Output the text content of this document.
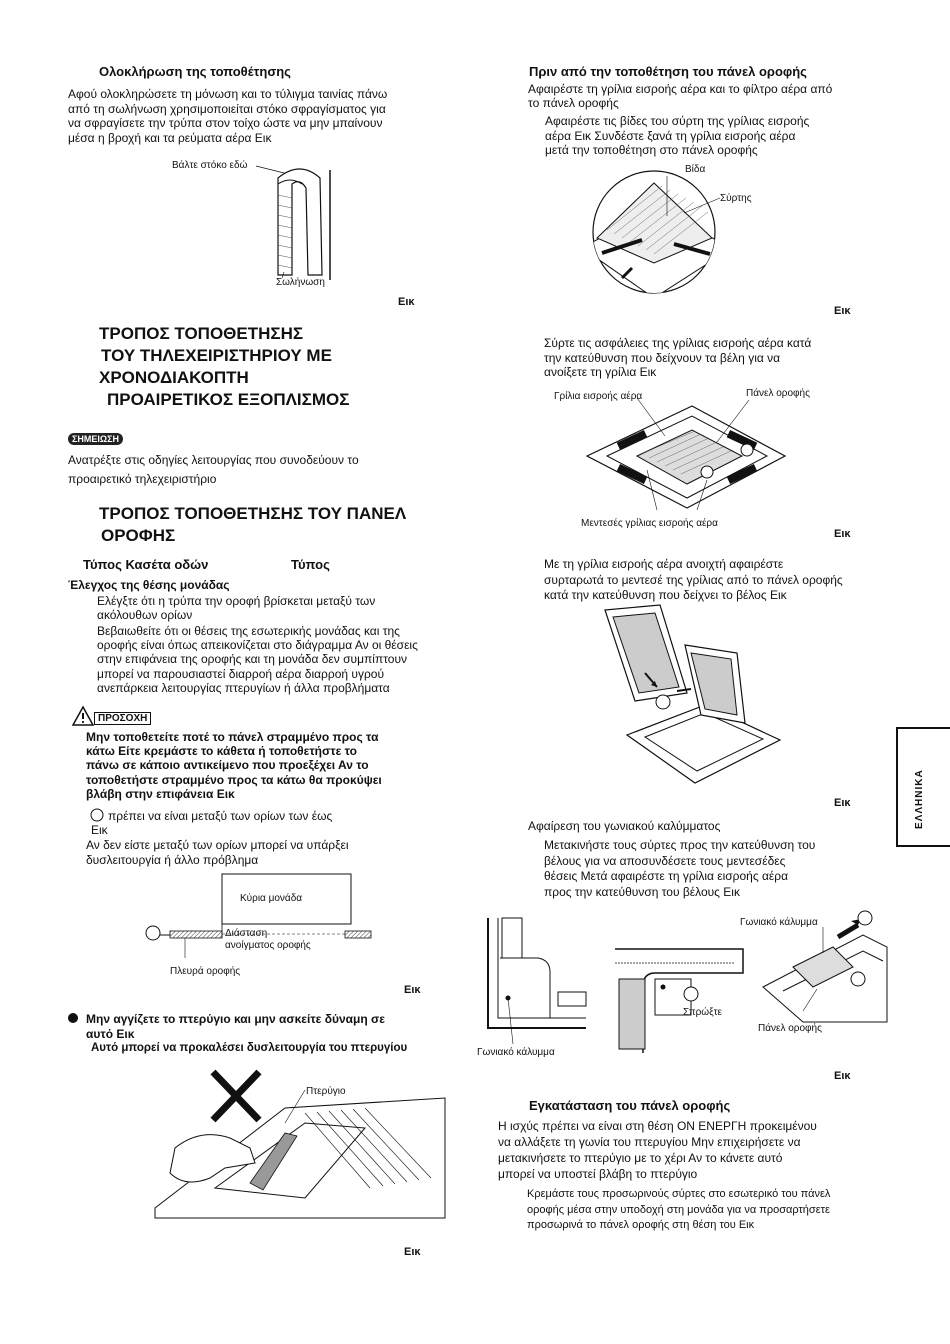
Ολοκλήρωση της τοποθέτησης
Αφού ολοκληρώσετε τη μόνωση και το τύλιγμα ταινίας πάνω
από τη σωλήνωση χρησιμοποιείται στόκο σφραγίσματος για
να σφραγίσετε την τρύπα στον τοίχο ώστε να μην μπαίνουν
μέσα η βροχή και τα ρεύματα αέρα Εικ
Βάλτε στόκο εδώ
Σωλήνωση
Εικ
ΤΡΟΠΟΣ ΤΟΠΟΘΕΤΗΣΗΣ
ΤΟΥ ΤΗΛΕΧΕΙΡΙΣΤΗΡΙΟΥ ΜΕ
ΧΡΟΝΟΔΙΑΚΟΠΤΗ
ΠΡΟΑΙΡΕΤΙΚΟΣ ΕΞΟΠΛΙΣΜΟΣ
ΣΗΜΕΙΩΣΗ
Ανατρέξτε στις οδηγίες λειτουργίας που συνοδεύουν το
προαιρετικό τηλεχειριστήριο
ΤΡΟΠΟΣ ΤΟΠΟΘΕΤΗΣΗΣ ΤΟΥ ΠΑΝΕΛ
ΟΡΟΦΗΣ
Τύπος Κασέτα οδών	Τύπος
Έλεγχος της θέσης μονάδας
Ελέγξτε ότι η τρύπα την οροφή βρίσκεται μεταξύ των
ακόλουθων ορίων
Βεβαιωθείτε ότι οι θέσεις της εσωτερικής μονάδας και της
οροφής είναι όπως απεικονίζεται στο διάγραμμα Αν οι θέσεις
στην επιφάνεια της οροφής και τη μονάδα δεν συμπίπτουν
μπορεί να παρουσιαστεί διαρροή αέρα διαρροή υγρού
ανεπάρκεια λειτουργίας πτερυγίων ή άλλα προβλήματα
ΠΡΟΣΟΧΗ
Μην τοποθετείτε ποτέ το πάνελ στραμμένο προς τα
κάτω Είτε κρεμάστε το κάθετα ή τοποθετήστε το
πάνω σε κάποιο αντικείμενο που προεξέχει Αν το
τοποθετήστε στραμμένο προς τα κάτω θα προκύψει
βλάβη στην επιφάνεια Εικ
πρέπει να είναι μεταξύ των ορίων των έως
Εικ
Αν δεν είστε μεταξύ των ορίων μπορεί να υπάρξει
δυσλειτουργία ή άλλο πρόβλημα
Κύρια μονάδα
Διάσταση
ανοίγματος οροφής
Πλευρά οροφής
Εικ
Μην αγγίζετε το πτερύγιο και μην ασκείτε δύναμη σε
αυτό Εικ
Αυτό μπορεί να προκαλέσει δυσλειτουργία του πτερυγίου
Πτερύγιο
Εικ
Πριν από την τοποθέτηση του πάνελ οροφής
Αφαιρέστε τη γρίλια εισροής αέρα και το φίλτρο αέρα από
το πάνελ οροφής
Αφαιρέστε τις βίδες του σύρτη της γρίλιας εισροής
αέρα Εικ Συνδέστε ξανά τη γρίλια εισροής αέρα
μετά την τοποθέτηση στο πάνελ οροφής
Βίδα
Σύρτης
Εικ
Σύρτε τις ασφάλειες της γρίλιας εισροής αέρα κατά
την κατεύθυνση που δείχνουν τα βέλη για να
ανοίξετε τη γρίλια Εικ
Γρίλια εισροής αέρα	Πάνελ οροφής
Μεντεσές γρίλιας εισροής αέρα
Εικ
Με τη γρίλια εισροής αέρα ανοιχτή αφαιρέστε
συρταρωτά το μεντεσέ της γρίλιας από το πάνελ οροφής
κατά την κατεύθυνση που δείχνει το βέλος Εικ
Εικ
Αφαίρεση του γωνιακού καλύμματος
Μετακινήστε τους σύρτες προς την κατεύθυνση του
βέλους για να αποσυνδέσετε τους μεντεσέδες
θέσεις Μετά αφαιρέστε τη γρίλια εισροής αέρα
προς την κατεύθυνση του βέλους Εικ
Σπρώξτε
Γωνιακό κάλυμμα
Πάνελ οροφής
Γωνιακό κάλυμμα
Εικ
Εγκατάσταση του πάνελ οροφής
Η ισχύς πρέπει να είναι στη θέση ON ΕΝΕΡΓΗ προκειμένου
να αλλάξετε τη γωνία του πτερυγίου Μην επιχειρήσετε να
μετακινήσετε το πτερύγιο με το χέρι Αν το κάνετε αυτό
μπορεί να υποστεί βλάβη το πτερύγιο
Κρεμάστε τους προσωρινούς σύρτες στο εσωτερικό του πάνελ
οροφής μέσα στην υποδοχή στη μονάδα για να προσαρτήσετε
προσωρινά το πάνελ οροφής στη θέση του Εικ
ΕΛΛΗΝΙΚΑ
